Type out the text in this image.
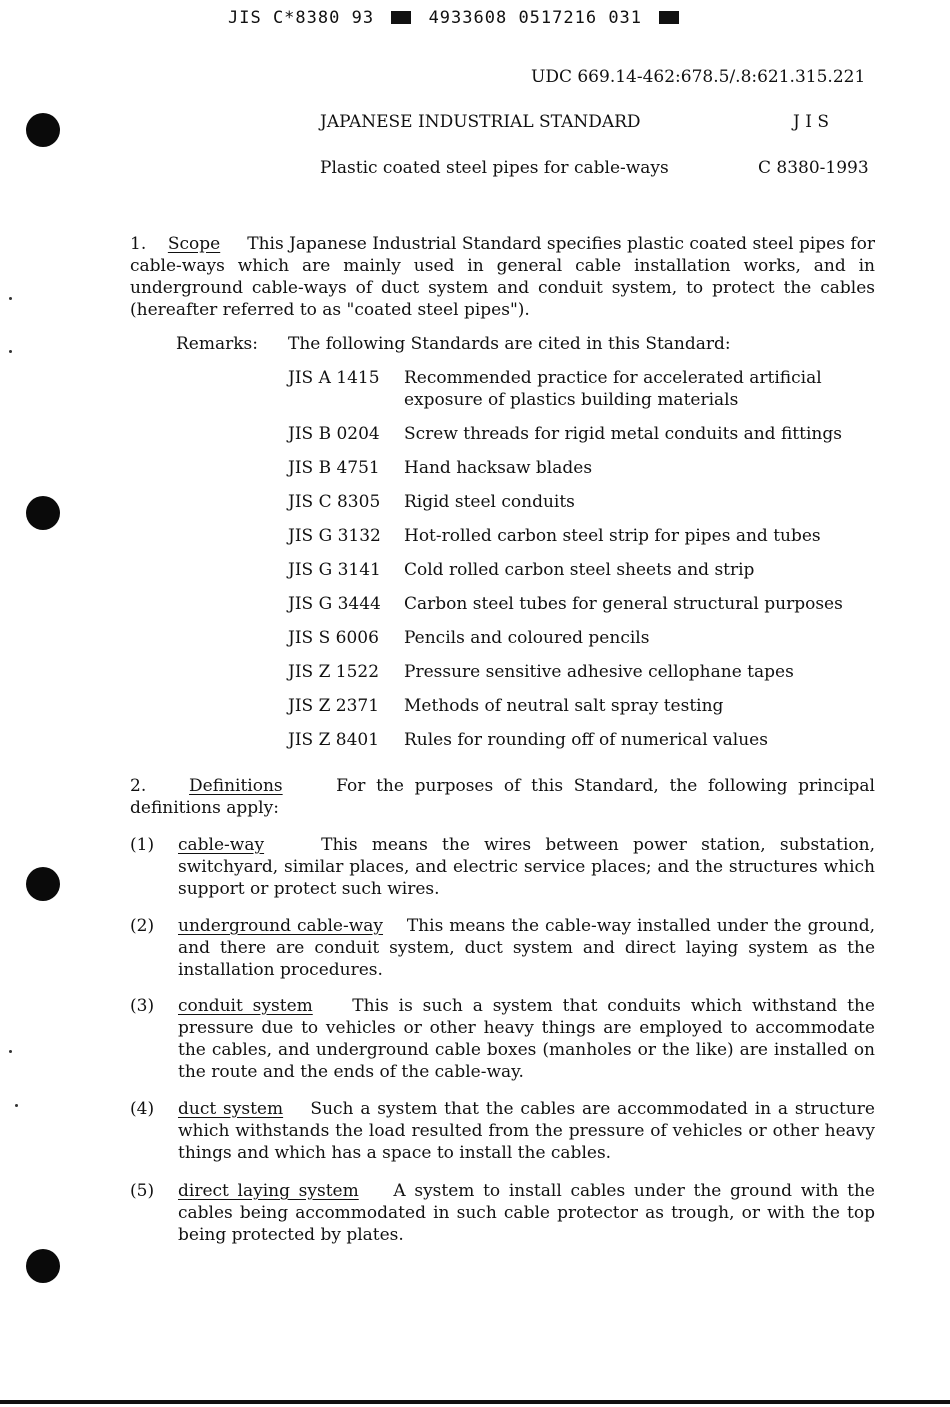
JIS C*8380 93	4933608 0517216 031
UDC 669.14-462:678.5/.8:621.315.221
JAPANESE INDUSTRIAL STANDARD	J I S
Plastic coated steel pipes for cable-ways	C 8380-1993
1. Scope This Japanese Industrial Standard specifies plastic coated steel pipes for cable-ways which are mainly used in general cable installation works, and in underground cable-ways of duct system and conduit system, to protect the cables (hereafter referred to as "coated steel pipes").
Remarks: The following Standards are cited in this Standard:
JIS A 1415	Recommended practice for accelerated artificial exposure of plastics building materials
JIS B 0204	Screw threads for rigid metal conduits and fittings
JIS B 4751	Hand hacksaw blades
JIS C 8305	Rigid steel conduits
JIS G 3132	Hot-rolled carbon steel strip for pipes and tubes
JIS G 3141	Cold rolled carbon steel sheets and strip
JIS G 3444	Carbon steel tubes for general structural purposes
JIS S 6006	Pencils and coloured pencils
JIS Z 1522	Pressure sensitive adhesive cellophane tapes
JIS Z 2371	Methods of neutral salt spray testing
JIS Z 8401	Rules for rounding off of numerical values
2.	Definitions	For the purposes of this Standard, the following principal definitions apply:
(1) cable-way	This means the wires between power station, substation, switchyard, similar places, and electric service places; and the structures which support or protect such wires.
(2) underground cable-way This means the cable-way installed under the ground, and there are conduit system, duct system and direct laying system as the installation procedures.
(3) conduit system This is such a system that conduits which withstand the pressure due to vehicles or other heavy things are employed to accommodate the cables, and underground cable boxes (manholes or the like) are installed on the route and the ends of the cable-way.
(4) duct system Such a system that the cables are accommodated in a structure which withstands the load resulted from the pressure of vehicles or other heavy things and which has a space to install the cables.
(5) direct laying system A system to install cables under the ground with the cables being accommodated in such cable protector as trough, or with the top being protected by plates.
